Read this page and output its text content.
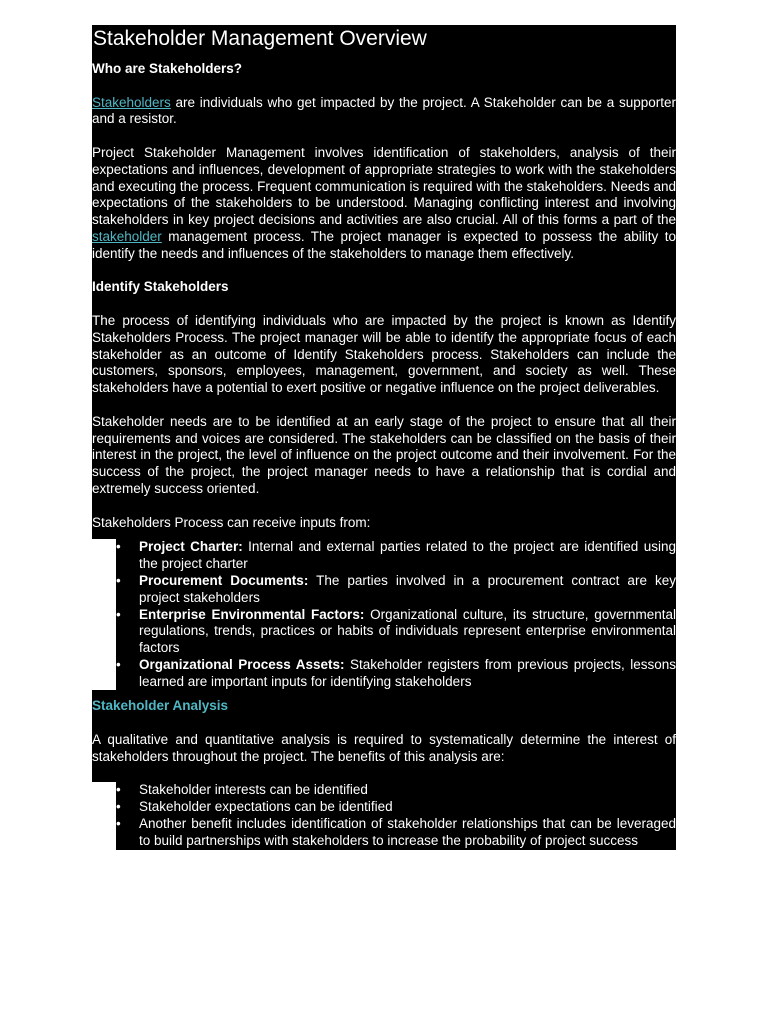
Stakeholder Management Overview
Who are Stakeholders?

Stakeholders are individuals who get impacted by the project. A Stakeholder can be a supporter and a resistor.

Project Stakeholder Management involves identification of stakeholders, analysis of their expectations and influences, development of appropriate strategies to work with the stakeholders and executing the process. Frequent communication is required with the stakeholders. Needs and expectations of the stakeholders to be understood. Managing conflicting interest and involving stakeholders in key project decisions and activities are also crucial. All of this forms a part of the stakeholder management process. The project manager is expected to possess the ability to identify the needs and influences of the stakeholders to manage them effectively.

Identify Stakeholders

The process of identifying individuals who are impacted by the project is known as Identify Stakeholders Process. The project manager will be able to identify the appropriate focus of each stakeholder as an outcome of Identify Stakeholders process. Stakeholders can include the customers, sponsors, employees, management, government, and society as well. These stakeholders have a potential to exert positive or negative influence on the project deliverables.

Stakeholder needs are to be identified at an early stage of the project to ensure that all their requirements and voices are considered. The stakeholders can be classified on the basis of their interest in the project, the level of influence on the project outcome and their involvement. For the success of the project, the project manager needs to have a relationship that is cordial and extremely success oriented.

Stakeholders Process can receive inputs from:

•	Project Charter: Internal and external parties related to the project are identified using the project charter
•	Procurement Documents: The parties involved in a procurement contract are key project stakeholders
•	Enterprise Environmental Factors: Organizational culture, its structure, governmental regulations, trends, practices or habits of individuals represent enterprise environmental factors
•	Organizational Process Assets: Stakeholder registers from previous projects, lessons learned are important inputs for identifying stakeholders
Stakeholder Analysis

A qualitative and quantitative analysis is required to systematically determine the interest of stakeholders throughout the project. The benefits of this analysis are:

•	Stakeholder interests can be identified
•	Stakeholder expectations can be identified
•	Another benefit includes identification of stakeholder relationships that can be leveraged to build partnerships with stakeholders to increase the probability of project success
